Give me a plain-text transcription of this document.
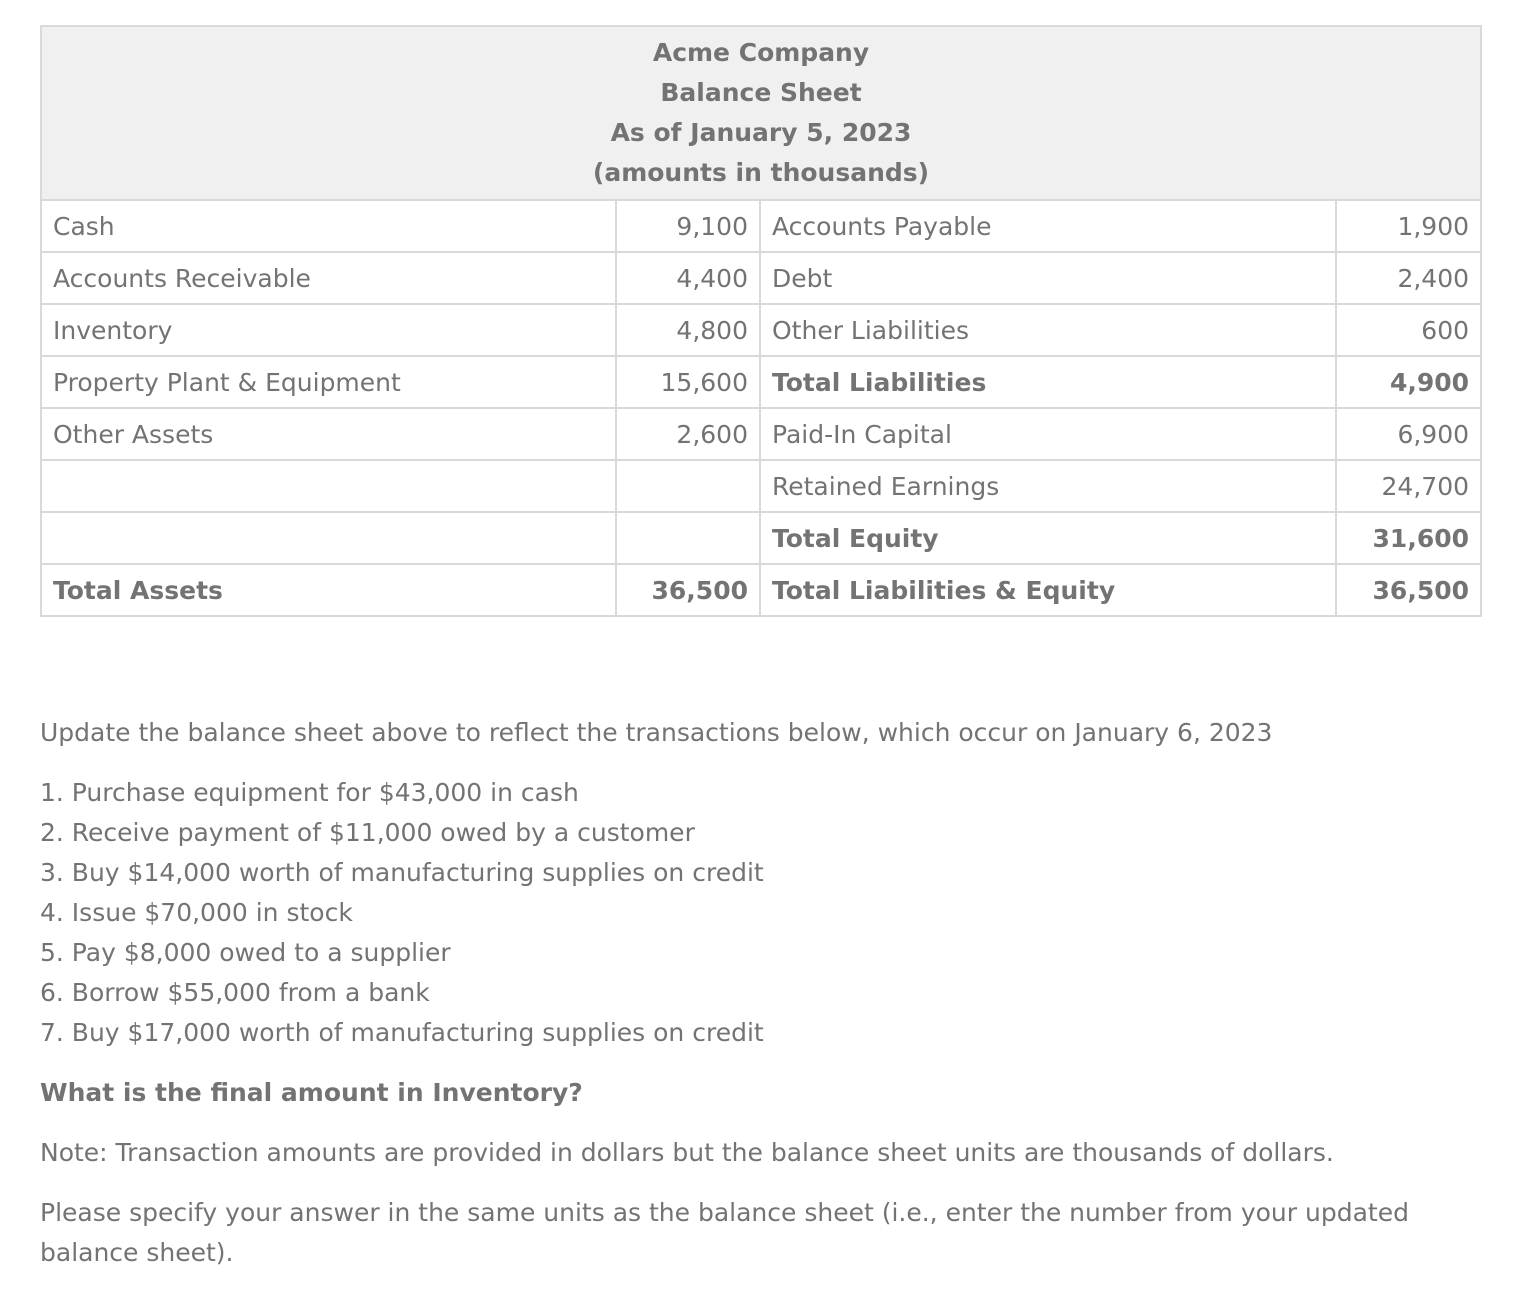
Acme Company
Balance Sheet
As of January 5, 2023
(amounts in thousands)			

Cash	9,100	Accounts Payable	1,900
Accounts Receivable	4,400	Debt	2,400
Inventory	4,800	Other Liabilities	600
Property Plant & Equipment	15,600	Total Liabilities	4,900
Other Assets	2,600	Paid-In Capital	6,900
		Retained Earnings	24,700
		Total Equity	31,600
Total Assets	36,500	Total Liabilities & Equity	36,500
Update the balance sheet above to reflect the transactions below, which occur on January 6, 2023
1. Purchase equipment for $43,000 in cash
2. Receive payment of $11,000 owed by a customer
3. Buy $14,000 worth of manufacturing supplies on credit
4. Issue $70,000 in stock
5. Pay $8,000 owed to a supplier
6. Borrow $55,000 from a bank
7. Buy $17,000 worth of manufacturing supplies on credit
What is the final amount in Inventory?
Note: Transaction amounts are provided in dollars but the balance sheet units are thousands of dollars.
Please specify your answer in the same units as the balance sheet (i.e., enter the number from your updated balance sheet).
